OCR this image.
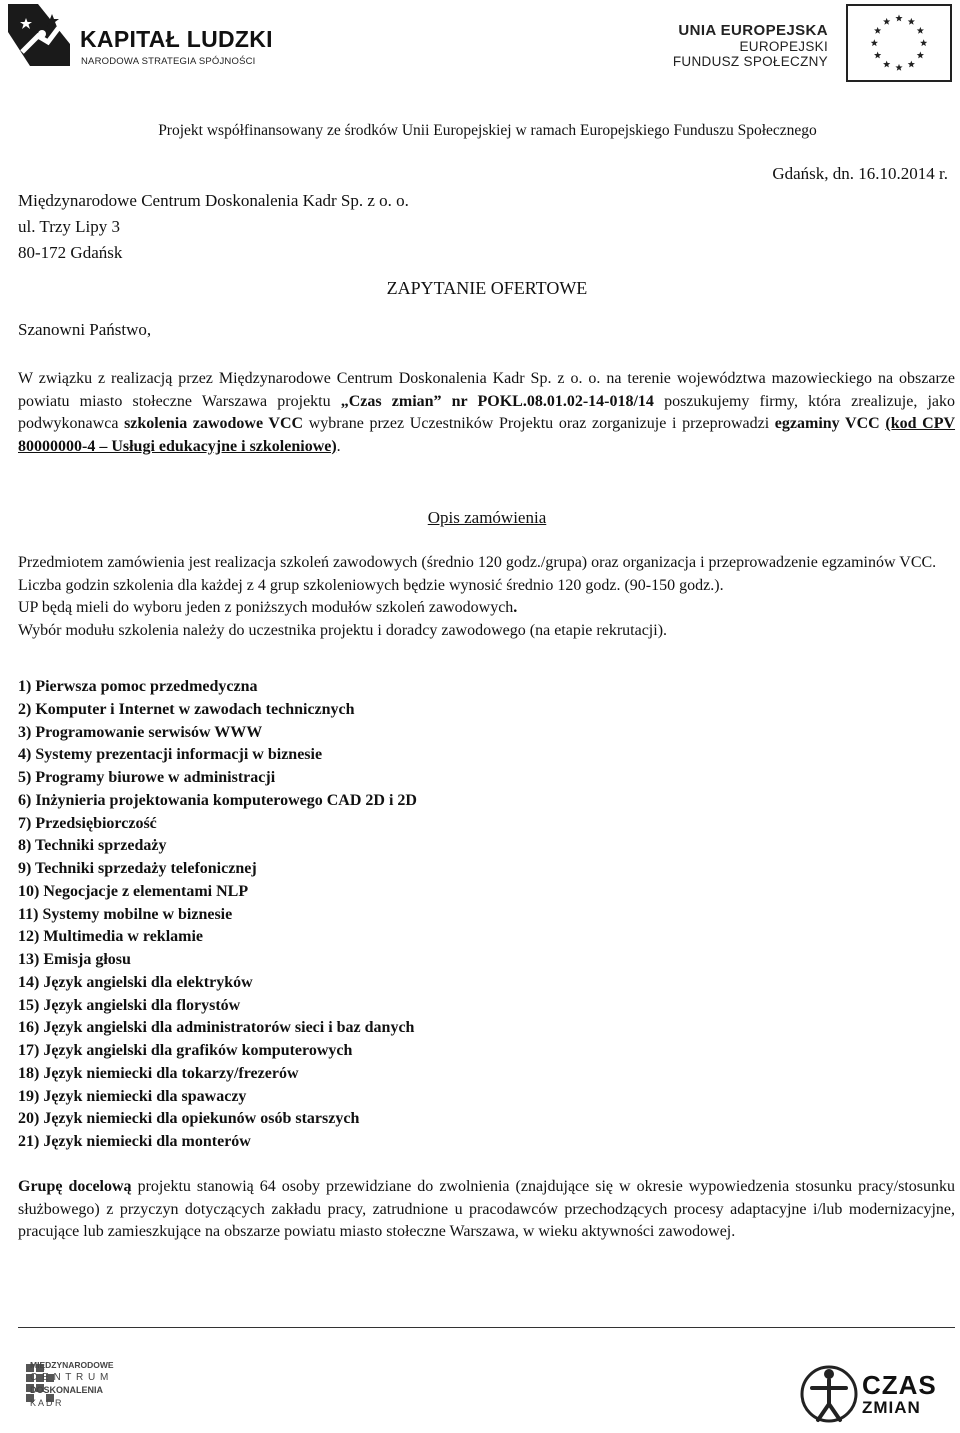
KAPITAŁ LUDZKI
NARODOWA STRATEGIA SPÓJNOŚCI
UNIA EUROPEJSKA
EUROPEJSKI
FUNDUSZ SPOŁECZNY
Projekt współfinansowany ze środków Unii Europejskiej w ramach Europejskiego Funduszu Społecznego
Międzynarodowe Centrum Doskonalenia Kadr Sp. z o. o.
ul. Trzy Lipy 3
80-172 Gdańsk
Gdańsk, dn. 16.10.2014 r.
ZAPYTANIE OFERTOWE
Szanowni Państwo,
W związku z realizacją przez Międzynarodowe Centrum Doskonalenia Kadr Sp. z o. o. na terenie województwa mazowieckiego na obszarze powiatu miasto stołeczne Warszawa projektu „Czas zmian” nr POKL.08.01.02-14-018/14 poszukujemy firmy, która zrealizuje, jako podwykonawca szkolenia zawodowe VCC wybrane przez Uczestników Projektu oraz zorganizuje i przeprowadzi egzaminy VCC (kod CPV 80000000-4 – Usługi edukacyjne i szkoleniowe).
Opis zamówienia

Przedmiotem zamówienia jest realizacja szkoleń zawodowych (średnio 120 godz./grupa) oraz organizacja i przeprowadzenie egzaminów VCC.

Liczba godzin szkolenia dla każdej z 4 grup szkoleniowych będzie wynosić średnio 120 godz. (90-150 godz.).

UP będą mieli do wyboru jeden z poniższych modułów szkoleń zawodowych.

Wybór modułu szkolenia należy do uczestnika projektu i doradcy zawodowego (na etapie rekrutacji).

1) Pierwsza pomoc przedmedyczna
2) Komputer i Internet w zawodach technicznych
3) Programowanie serwisów WWW
4) Systemy prezentacji informacji w biznesie
5) Programy biurowe w administracji
6) Inżynieria projektowania komputerowego CAD 2D i 2D
7) Przedsiębiorczość
8) Techniki sprzedaży
9) Techniki sprzedaży telefonicznej
10) Negocjacje z elementami NLP
11) Systemy mobilne w biznesie
12) Multimedia w reklamie
13) Emisja głosu
14) Język angielski dla elektryków
15) Język angielski dla florystów
16) Język angielski dla administratorów sieci i baz danych
17) Język angielski dla grafików komputerowych
18) Język niemiecki dla tokarzy/frezerów
19) Język niemiecki dla spawaczy
20) Język niemiecki dla opiekunów osób starszych
21) Język niemiecki dla monterów
Grupę docelową projektu stanowią 64 osoby przewidziane do zwolnienia (znajdujące się w okresie wypowiedzenia stosunku pracy/stosunku służbowego) z przyczyn dotyczących zakładu pracy, zatrudnione u pracodawców przechodzących procesy adaptacyjne i/lub modernizacyjne, pracujące lub zamieszkujące na obszarze powiatu miasto stołeczne Warszawa, w wieku aktywności zawodowej.
MIĘDZYNARODOWE
C E N T R U M
DOSKONALENIA
K A D R
CZAS
ZMIAN
